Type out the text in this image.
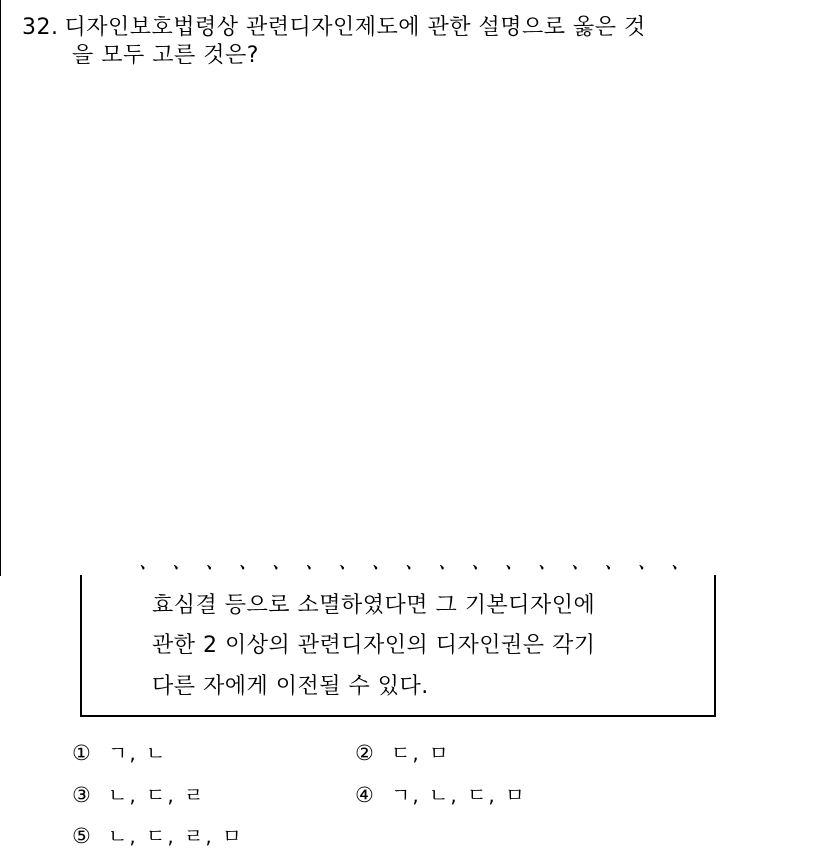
32. 디자인보호법령상 관련디자인제도에 관한 설명으로 옳은 것
을 모두 고른 것은?
ㆍㆍㆍㆍㆍㆍㆍㆍㆍㆍㆍㆍㆍㆍㆍㆍㆍ
효심결 등으로 소멸하였다면 그 기본디자인에
관한 2 이상의 관련디자인의 디자인권은 각기
다른 자에게 이전될 수 있다.
① ㄱ, ㄴ	② ㄷ, ㅁ
③ ㄴ, ㄷ, ㄹ	④ ㄱ, ㄴ, ㄷ, ㅁ
⑤ ㄴ, ㄷ, ㄹ, ㅁ
